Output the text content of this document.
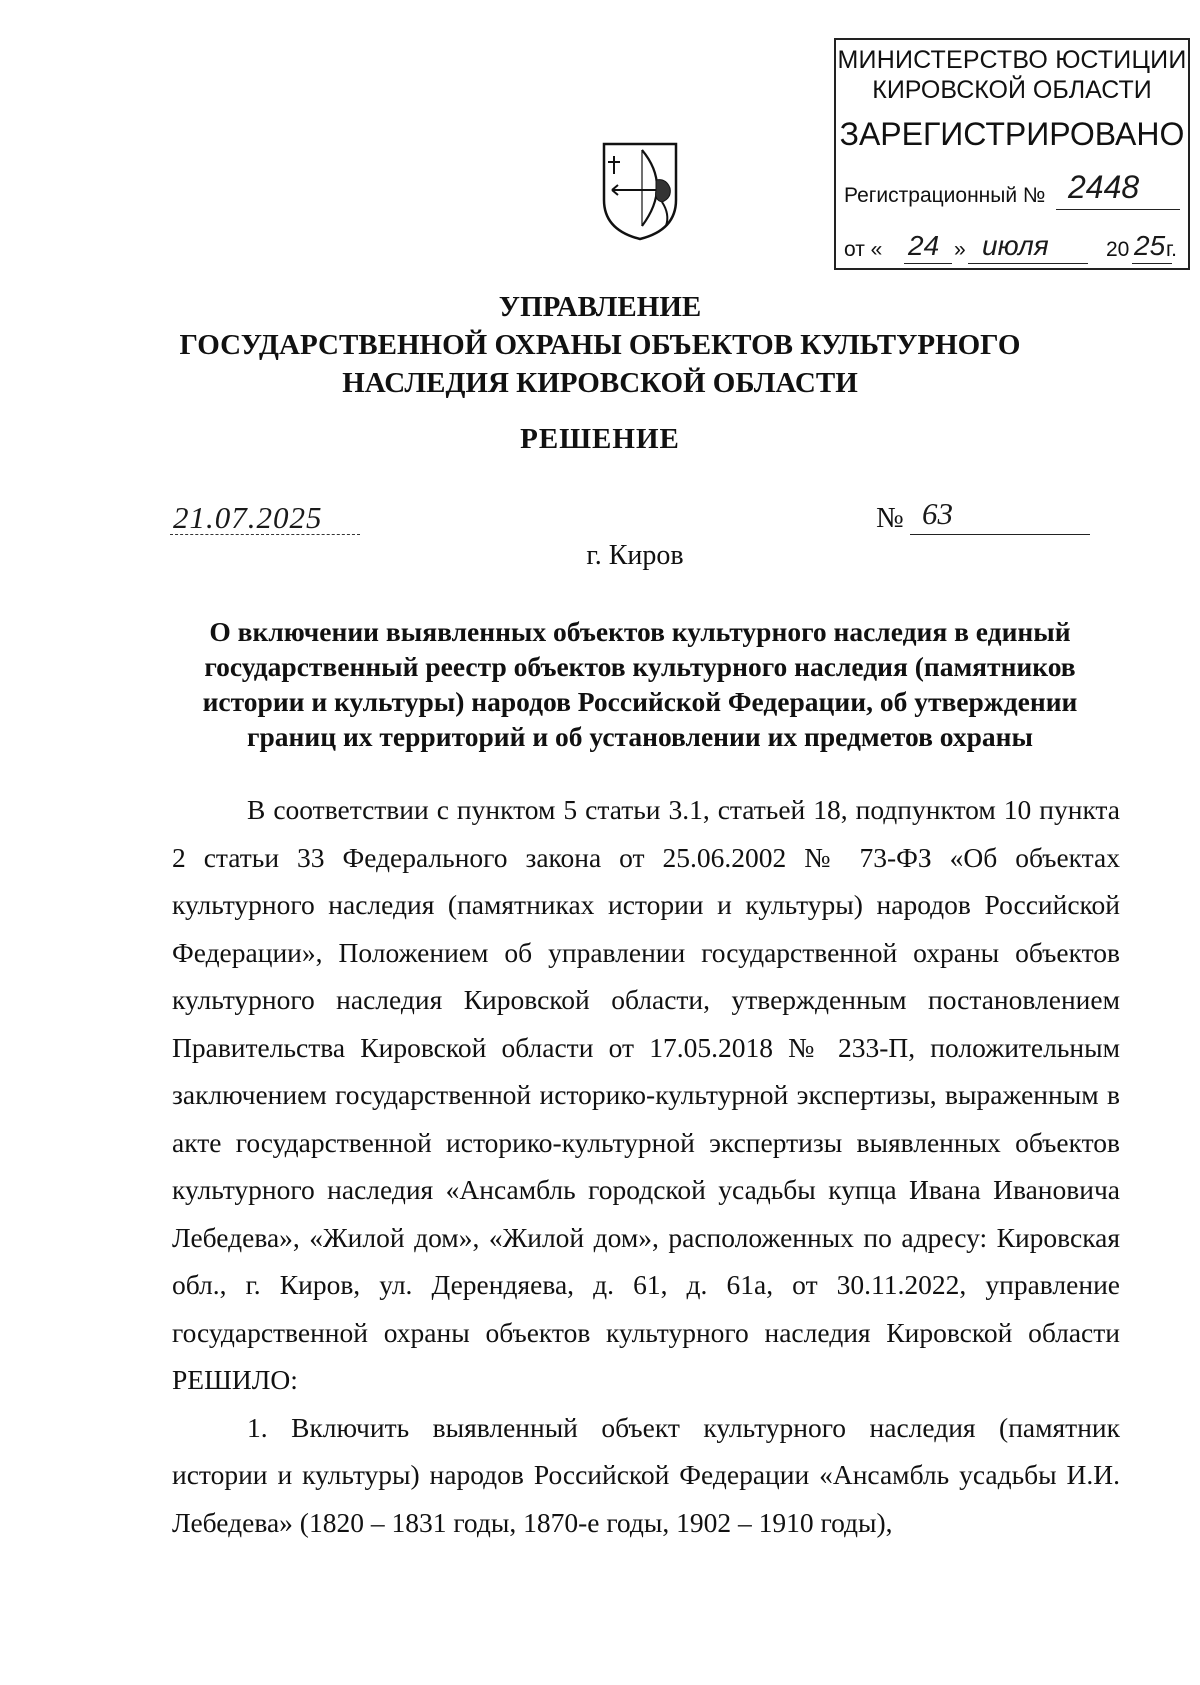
МИНИСТЕРСТВО ЮСТИЦИИ
КИРОВСКОЙ ОБЛАСТИ
ЗАРЕГИСТРИРОВАНО
Регистрационный № 2448
от « 24 » июля	20 25 г.
УПРАВЛЕНИЕ
ГОСУДАРСТВЕННОЙ ОХРАНЫ ОБЪЕКТОВ КУЛЬТУРНОГО
НАСЛЕДИЯ КИРОВСКОЙ ОБЛАСТИ
РЕШЕНИЕ
21.07.2025	№ 63
г. Киров
О включении выявленных объектов культурного наследия в единый
государственный реестр объектов культурного наследия (памятников
истории и культуры) народов Российской Федерации, об утверждении
границ их территорий и об установлении их предметов охраны

В соответствии с пунктом 5 статьи 3.1, статьей 18, подпунктом 10 пункта 2 статьи 33 Федерального закона от 25.06.2002 № 73-ФЗ «Об объектах культурного наследия (памятниках истории и культуры) народов Российской Федерации», Положением об управлении государственной охраны объектов культурного наследия Кировской области, утвержденным постановлением Правительства Кировской области от 17.05.2018 № 233-П, положительным заключением государственной историко-культурной экспертизы, выраженным в акте государственной историко-культурной экспертизы выявленных объектов культурного наследия «Ансамбль городской усадьбы купца Ивана Ивановича Лебедева», «Жилой дом», «Жилой дом», расположенных по адресу: Кировская обл., г. Киров, ул. Дерендяева, д. 61, д. 61а, от 30.11.2022, управление государственной охраны объектов культурного наследия Кировской области РЕШИЛО:

1. Включить выявленный объект культурного наследия (памятник истории и культуры) народов Российской Федерации «Ансамбль усадьбы И.И. Лебедева» (1820 – 1831 годы, 1870-е годы, 1902 – 1910 годы),
